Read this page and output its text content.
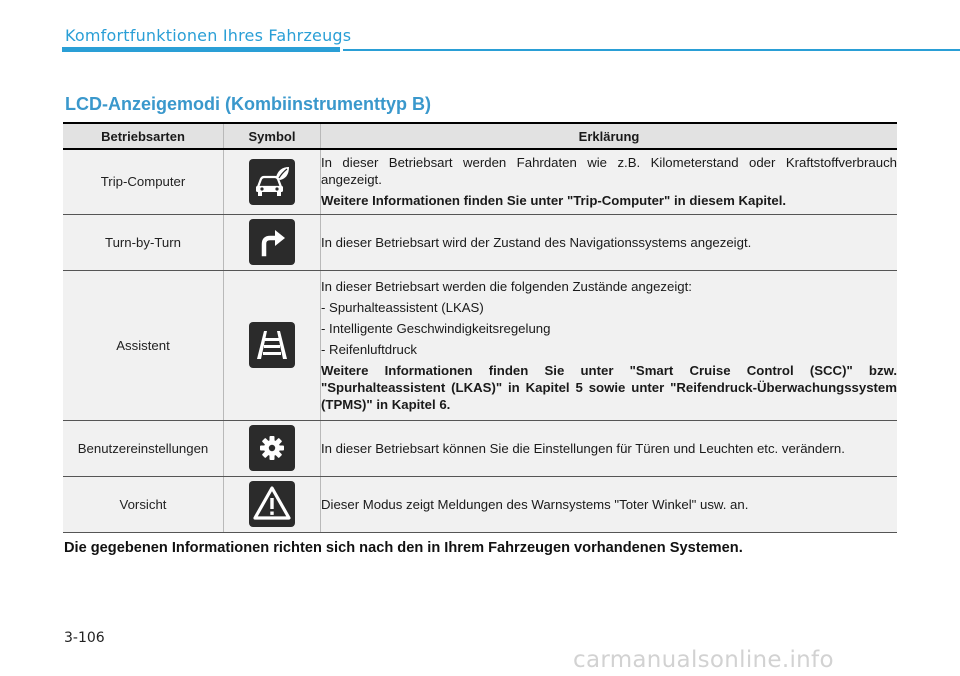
Komfortfunktionen Ihres Fahrzeugs
LCD-Anzeigemodi (Kombiinstrumenttyp B)
Betriebsarten	Symbol	Erklärung
Trip-Computer		In dieser Betriebsart werden Fahrdaten wie z.B. Kilometerstand oder Kraftstoffverbrauch angezeigt.

Weitere Informationen finden Sie unter "Trip-Computer" in diesem Kapitel.

Turn-by-Turn		In dieser Betriebsart wird der Zustand des Navigationssystems angezeigt.

Assistent		In dieser Betriebsart werden die folgenden Zustände angezeigt:

- Spurhalteassistent (LKAS)

- Intelligente Geschwindigkeitsregelung

- Reifenluftdruck

Weitere Informationen finden Sie unter "Smart Cruise Control (SCC)" bzw. "Spurhalteassistent (LKAS)" in Kapitel 5 sowie unter "Reifendruck-Überwachungssystem (TPMS)" in Kapitel 6.

Benutzereinstellungen		In dieser Betriebsart können Sie die Einstellungen für Türen und Leuchten etc. verändern.

Vorsicht		Dieser Modus zeigt Meldungen des Warnsystems "Toter Winkel" usw. an.

Die gegebenen Informationen richten sich nach den in Ihrem Fahrzeugen vorhandenen Systemen.
3-106
carmanualsonline.info
